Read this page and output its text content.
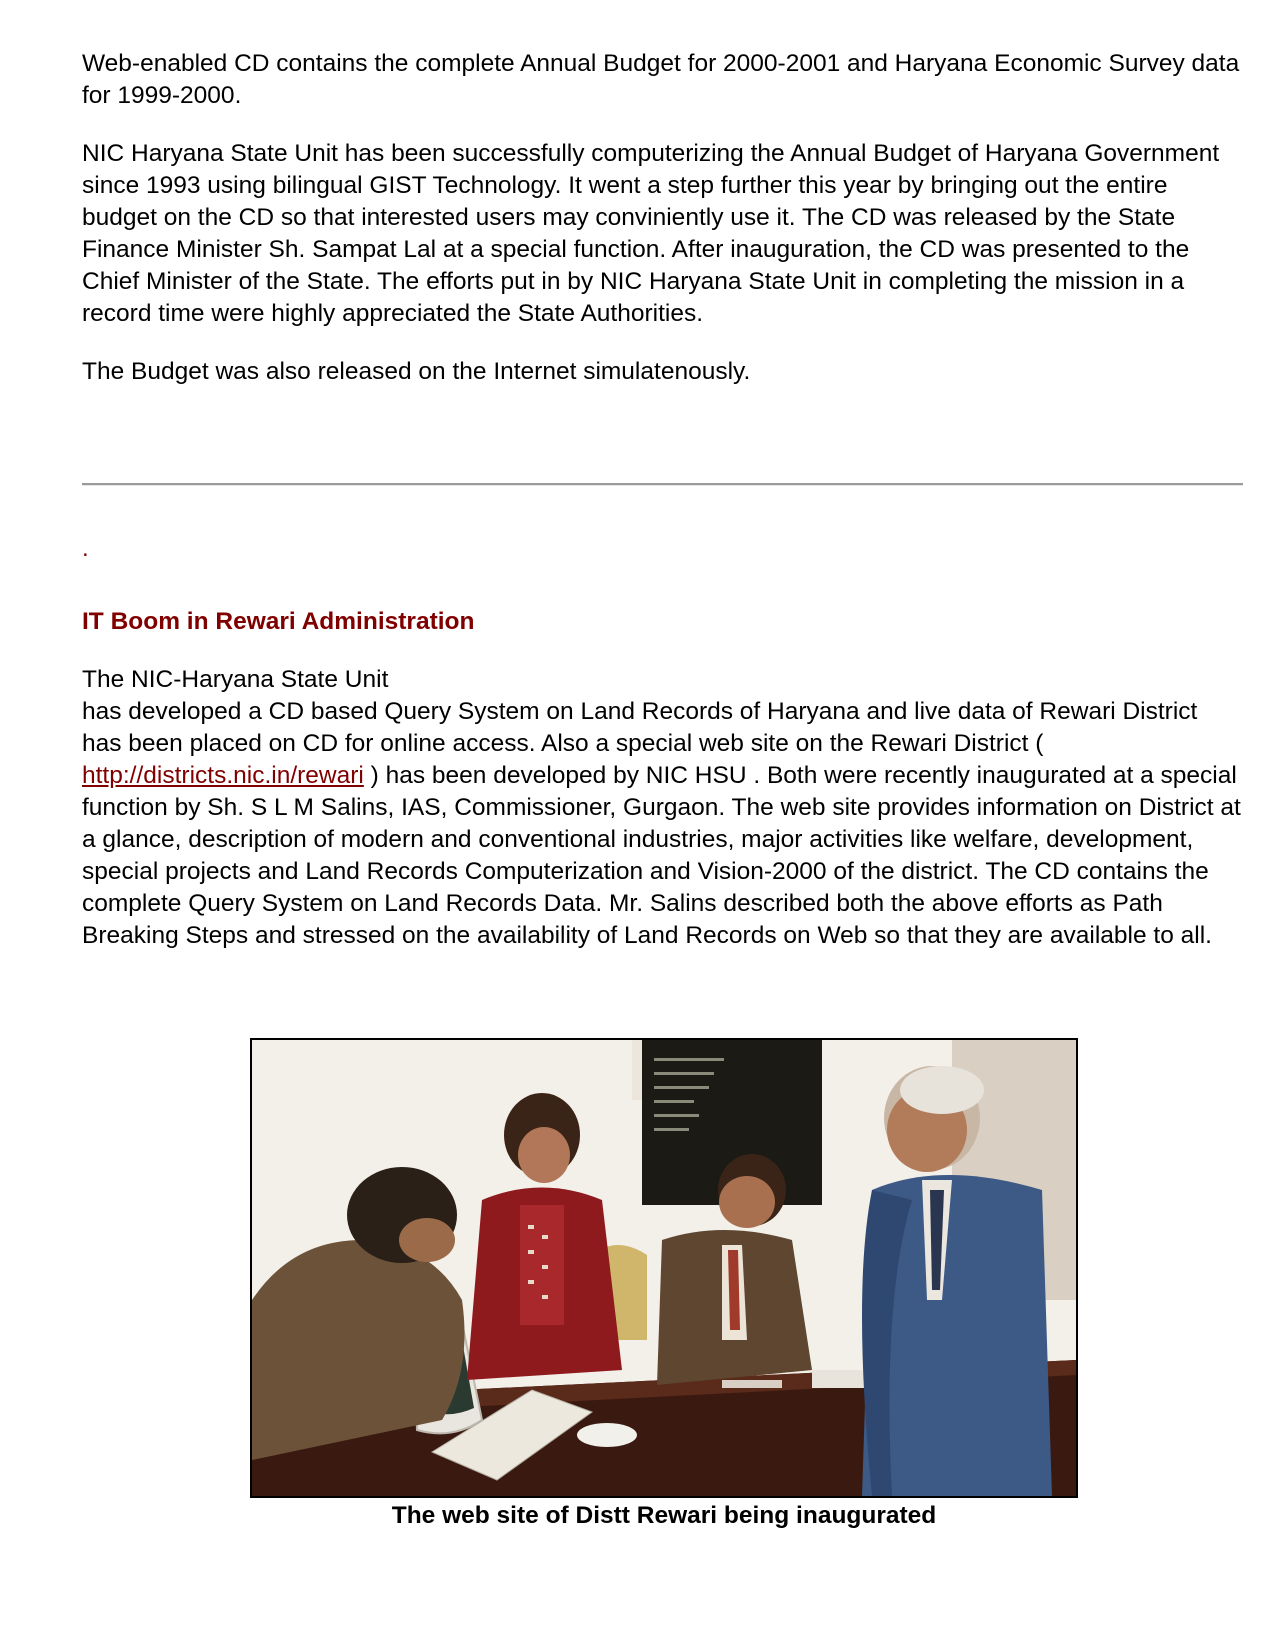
Web-enabled CD contains the complete Annual Budget for 2000-2001 and Haryana Economic Survey data for 1999-2000.

NIC Haryana State Unit has been successfully computerizing the Annual Budget of Haryana Government since 1993 using bilingual GIST Technology. It went a step further this year by bringing out the entire budget on the CD so that interested users may conviniently use it. The CD was released by the State Finance Minister Sh. Sampat Lal at a special function. After inauguration, the CD was presented to the Chief Minister of the State. The efforts put in by NIC Haryana State Unit in completing the mission in a record time were highly appreciated the State Authorities.

The Budget was also released on the Internet simulatenously.

.
IT Boom in Rewari Administration
The NIC-Haryana State Unit
has developed a CD based Query System on Land Records of Haryana and live data of Rewari District has been placed on CD for online access. Also a special web site on the Rewari District ( http://districts.nic.in/rewari ) has been developed by NIC HSU . Both were recently inaugurated at a special function by Sh. S L M Salins, IAS, Commissioner, Gurgaon. The web site provides information on District at a glance, description of modern and conventional industries, major activities like welfare, development, special projects and Land Records Computerization and Vision-2000 of the district. The CD contains the complete Query System on Land Records Data. Mr. Salins described both the above efforts as Path Breaking Steps and stressed on the availability of Land Records on Web so that they are available to all.

The web site of Distt Rewari being inaugurated
